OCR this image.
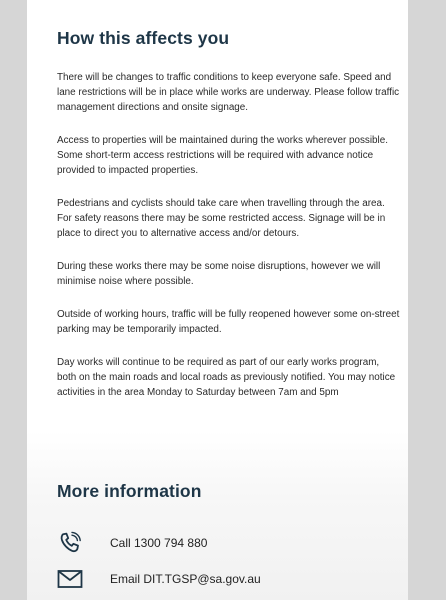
How this affects you

There will be changes to traffic conditions to keep everyone safe. Speed and lane restrictions will be in place while works are underway. Please follow traffic management directions and onsite signage.

Access to properties will be maintained during the works wherever possible. Some short-term access restrictions will be required with advance notice provided to impacted properties.

Pedestrians and cyclists should take care when travelling through the area. For safety reasons there may be some restricted access. Signage will be in place to direct you to alternative access and/or detours.

During these works there may be some noise disruptions, however we will minimise noise where possible.

Outside of working hours, traffic will be fully reopened however some on-street parking may be temporarily impacted.

Day works will continue to be required as part of our early works program, both on the main roads and local roads as previously notified. You may notice activities in the area Monday to Saturday between 7am and 5pm

More information
Call 1300 794 880
Email DIT.TGSP@sa.gov.au
